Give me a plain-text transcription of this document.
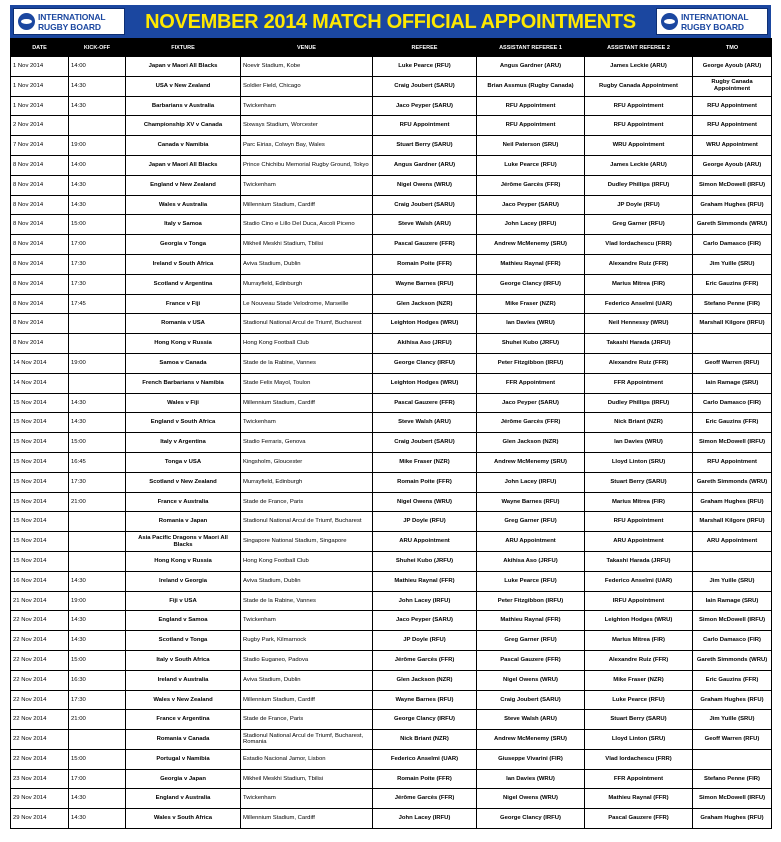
INTERNATIONAL RUGBY BOARD	NOVEMBER 2014 MATCH OFFICIAL APPOINTMENTS	INTERNATIONAL RUGBY BOARD
DATE	KICK-OFF	FIXTURE	VENUE	REFEREE	ASSISTANT REFEREE 1	ASSISTANT REFEREE 2	TMO
1 Nov 2014	14:00	Japan v Maori All Blacks	Noevir Stadium, Kobe	Luke Pearce (RFU)	Angus Gardner (ARU)	James Leckie (ARU)	George Ayoub (ARU)
1 Nov 2014	14:30	USA v New Zealand	Soldier Field, Chicago	Craig Joubert (SARU)	Brian Assmus (Rugby Canada)	Rugby Canada Appointment	Rugby Canada Appointment
1 Nov 2014	14:30	Barbarians v Australia	Twickenham	Jaco Peyper (SARU)	RFU Appointment	RFU Appointment	RFU Appointment
2 Nov 2014		Championship XV v Canada	Sixways Stadium, Worcester	RFU Appointment	RFU Appointment	RFU Appointment	RFU Appointment
7 Nov 2014	19:00	Canada v Namibia	Parc Eirias, Colwyn Bay, Wales	Stuart Berry (SARU)	Neil Paterson (SRU)	WRU Appointment	WRU Appointment
8 Nov 2014	14:00	Japan v Maori All Blacks	Prince Chichibu Memorial Rugby Ground, Tokyo	Angus Gardner (ARU)	Luke Pearce (RFU)	James Leckie (ARU)	George Ayoub (ARU)
8 Nov 2014	14:30	England v New Zealand	Twickenham	Nigel Owens (WRU)	Jérôme Garcès (FFR)	Dudley Phillips (IRFU)	Simon McDowell (IRFU)
8 Nov 2014	14:30	Wales v Australia	Millennium Stadium, Cardiff	Craig Joubert (SARU)	Jaco Peyper (SARU)	JP Doyle (RFU)	Graham Hughes (RFU)
8 Nov 2014	15:00	Italy v Samoa	Stadio Cino e Lillo Del Duca, Ascoli Piceno	Steve Walsh (ARU)	John Lacey (IRFU)	Greg Garner (RFU)	Gareth Simmonds (WRU)
8 Nov 2014	17:00	Georgia v Tonga	Mikheil Meskhi Stadium, Tbilisi	Pascal Gauzere (FFR)	Andrew McMenemy (SRU)	Vlad Iordachescu (FRR)	Carlo Damasco (FIR)
8 Nov 2014	17:30	Ireland v South Africa	Aviva Stadium, Dublin	Romain Poite (FFR)	Mathieu Raynal (FFR)	Alexandre Ruiz (FFR)	Jim Yuille (SRU)
8 Nov 2014	17:30	Scotland v Argentina	Murrayfield, Edinburgh	Wayne Barnes (RFU)	George Clancy (IRFU)	Marius Mitrea (FIR)	Eric Gauzins (FFR)
8 Nov 2014	17:45	France v Fiji	Le Nouveau Stade Velodrome, Marseille	Glen Jackson (NZR)	Mike Fraser (NZR)	Federico Anselmi (UAR)	Stefano Penne (FIR)
8 Nov 2014		Romania v USA	Stadionul National Arcul de Triumf, Bucharest	Leighton Hodges (WRU)	Ian Davies (WRU)	Neil Hennessy (WRU)	Marshall Kilgore (IRFU)
8 Nov 2014		Hong Kong v Russia	Hong Kong Football Club	Akihisa Aso (JRFU)	Shuhei Kubo (JRFU)	Takashi Harada (JRFU)	
14 Nov 2014	19:00	Samoa v Canada	Stade de la Rabine, Vannes	George Clancy (IRFU)	Peter Fitzgibbon (IRFU)	Alexandre Ruiz (FFR)	Geoff Warren (RFU)
14 Nov 2014		French Barbarians v Namibia	Stade Felix Mayol, Toulon	Leighton Hodges (WRU)	FFR Appointment	FFR Appointment	Iain Ramage (SRU)
15 Nov 2014	14:30	Wales v Fiji	Millennium Stadium, Cardiff	Pascal Gauzere (FFR)	Jaco Peyper (SARU)	Dudley Phillips (IRFU)	Carlo Damasco (FIR)
15 Nov 2014	14:30	England v South Africa	Twickenham	Steve Walsh (ARU)	Jérôme Garcès (FFR)	Nick Briant (NZR)	Eric Gauzins (FFR)
15 Nov 2014	15:00	Italy v Argentina	Stadio Ferraris, Genova	Craig Joubert (SARU)	Glen Jackson (NZR)	Ian Davies (WRU)	Simon McDowell (IRFU)
15 Nov 2014	16:45	Tonga v USA	Kingsholm, Gloucester	Mike Fraser (NZR)	Andrew McMenemy (SRU)	Lloyd Linton (SRU)	RFU Appointment
15 Nov 2014	17:30	Scotland v New Zealand	Murrayfield, Edinburgh	Romain Poite (FFR)	John Lacey (IRFU)	Stuart Berry (SARU)	Gareth Simmonds (WRU)
15 Nov 2014	21:00	France v Australia	Stade de France, Paris	Nigel Owens (WRU)	Wayne Barnes (RFU)	Marius Mitrea (FIR)	Graham Hughes (RFU)
15 Nov 2014		Romania v Japan	Stadionul National Arcul de Triumf, Bucharest	JP Doyle (RFU)	Greg Garner (RFU)	RFU Appointment	Marshall Kilgore (IRFU)
15 Nov 2014		Asia Pacific Dragons v Maori All Blacks	Singapore National Stadium, Singapore	ARU Appointment	ARU Appointment	ARU Appointment	ARU Appointment
15 Nov 2014		Hong Kong v Russia	Hong Kong Football Club	Shuhei Kubo (JRFU)	Akihisa Aso (JRFU)	Takashi Harada (JRFU)	
16 Nov 2014	14:30	Ireland v Georgia	Aviva Stadium, Dublin	Mathieu Raynal (FFR)	Luke Pearce (RFU)	Federico Anselmi (UAR)	Jim Yuille (SRU)
21 Nov 2014	19:00	Fiji v USA	Stade de la Rabine, Vannes	John Lacey (IRFU)	Peter Fitzgibbon (IRFU)	IRFU Appointment	Iain Ramage (SRU)
22 Nov 2014	14:30	England v Samoa	Twickenham	Jaco Peyper (SARU)	Mathieu Raynal (FFR)	Leighton Hodges (WRU)	Simon McDowell (IRFU)
22 Nov 2014	14:30	Scotland v Tonga	Rugby Park, Kilmarnock	JP Doyle (RFU)	Greg Garner (RFU)	Marius Mitrea (FIR)	Carlo Damasco (FIR)
22 Nov 2014	15:00	Italy v South Africa	Stadio Euganeo, Padova	Jérôme Garcès (FFR)	Pascal Gauzere (FFR)	Alexandre Ruiz (FFR)	Gareth Simmonds (WRU)
22 Nov 2014	16:30	Ireland v Australia	Aviva Stadium, Dublin	Glen Jackson (NZR)	Nigel Owens (WRU)	Mike Fraser (NZR)	Eric Gauzins (FFR)
22 Nov 2014	17:30	Wales v New Zealand	Millennium Stadium, Cardiff	Wayne Barnes (RFU)	Craig Joubert (SARU)	Luke Pearce (RFU)	Graham Hughes (RFU)
22 Nov 2014	21:00	France v Argentina	Stade de France, Paris	George Clancy (IRFU)	Steve Walsh (ARU)	Stuart Berry (SARU)	Jim Yuille (SRU)
22 Nov 2014		Romania v Canada	Stadionul National Arcul de Triumf, Bucharest, Romania	Nick Briant (NZR)	Andrew McMenemy (SRU)	Lloyd Linton (SRU)	Geoff Warren (RFU)
22 Nov 2014	15:00	Portugal v Namibia	Estadio Nacional Jamor, Lisbon	Federico Anselmi (UAR)	Giuseppe Vivarini (FIR)	Vlad Iordachescu (FRR)	
23 Nov 2014	17:00	Georgia v Japan	Mikheil Meskhi Stadium, Tbilisi	Romain Poite (FFR)	Ian Davies (WRU)	FFR Appointment	Stefano Penne (FIR)
29 Nov 2014	14:30	England v Australia	Twickenham	Jérôme Garcès (FFR)	Nigel Owens (WRU)	Mathieu Raynal (FFR)	Simon McDowell (IRFU)
29 Nov 2014	14:30	Wales v South Africa	Millennium Stadium, Cardiff	John Lacey (IRFU)	George Clancy (IRFU)	Pascal Gauzere (FFR)	Graham Hughes (RFU)
